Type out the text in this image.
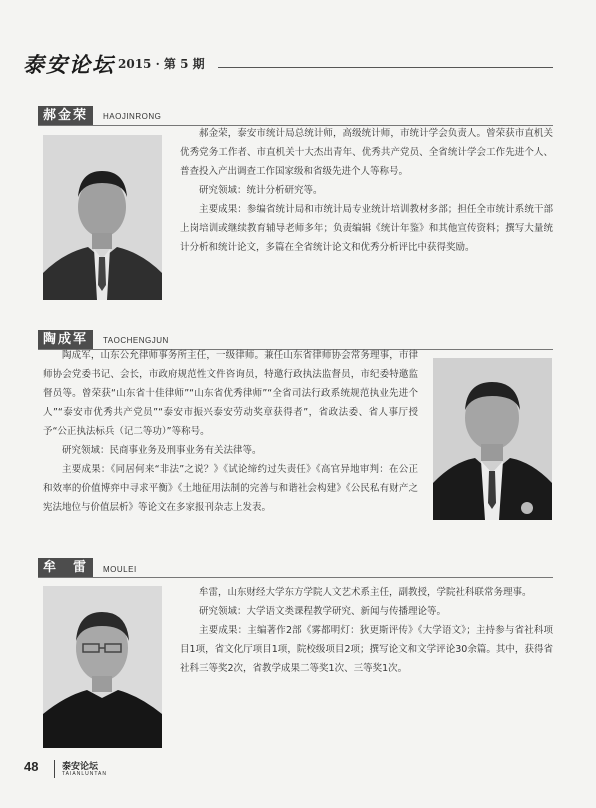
泰安论坛 2015 · 第 5 期
郝金荣	HAOJINRONG

郝金荣，泰安市统计局总统计师，高级统计师，市统计学会负责人。曾荣获市直机关优秀党务工作者、市直机关十大杰出青年、优秀共产党员、全省统计学会工作先进个人、普查投入产出调查工作国家级和省级先进个人等称号。

研究领域：统计分析研究等。

主要成果：参编省统计局和市统计局专业统计培训教材多部；担任全市统计系统干部上岗培训或继续教育辅导老师多年；负责编辑《统计年鉴》和其他宣传资料；撰写大量统计分析和统计论文，多篇在全省统计论文和优秀分析评比中获得奖励。

陶成军	TAOCHENGJUN

陶成军，山东公允律师事务所主任，一级律师。兼任山东省律师协会常务理事，市律师协会党委书记、会长，市政府规范性文件咨询员，特邀行政执法监督员，市纪委特邀监督员等。曾荣获“山东省十佳律师”“山东省优秀律师”“全省司法行政系统规范执业先进个人”“泰安市优秀共产党员”“泰安市振兴泰安劳动奖章获得者”，省政法委、省人事厅授予“公正执法标兵（记二等功）”等称号。

研究领域：民商事业务及刑事业务有关法律等。

主要成果：《同居何来“非法”之说？》《试论缔约过失责任》《高官异地审判：在公正和效率的价值博弈中寻求平衡》《土地征用法制的完善与和谐社会构建》《公民私有财产之宪法地位与价值层析》等论文在多家报刊杂志上发表。

牟　雷	MOULEI

牟雷，山东财经大学东方学院人文艺术系主任，副教授，学院社科联常务理事。

研究领域：大学语文类课程教学研究、新闻与传播理论等。

主要成果：主编著作2部《雾都明灯：狄更斯评传》《大学语文》；主持参与省社科项目1项，省文化厅项目1项，院校级项目2项；撰写论文和文学评论30余篇。其中，获得省社科三等奖2次，省教学成果二等奖1次、三等奖1次。

48	泰安论坛
TAIANLUNTAN
